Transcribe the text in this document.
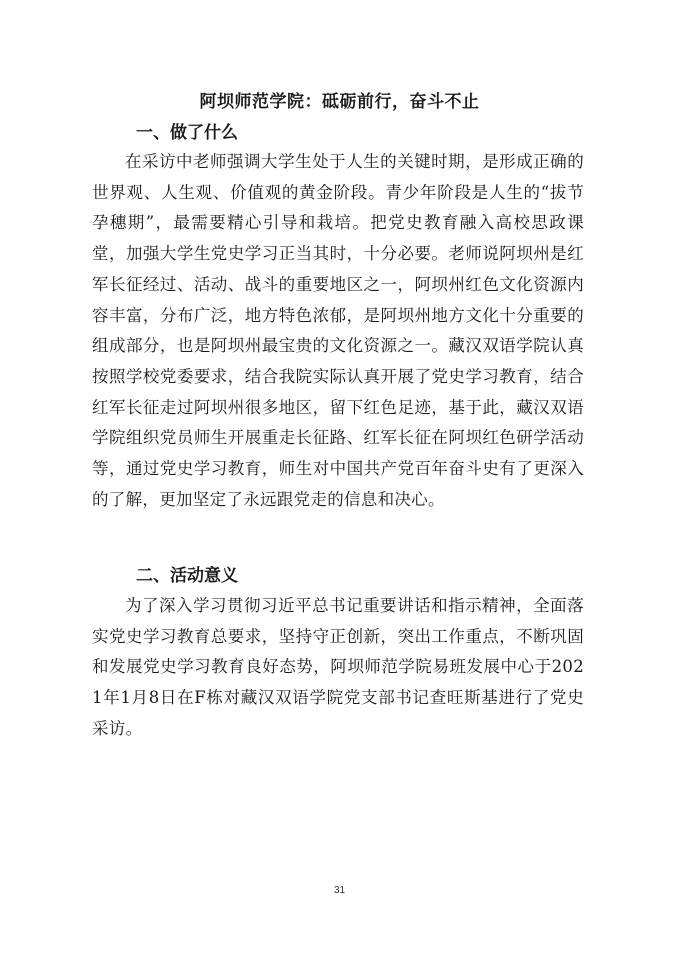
阿坝师范学院：砥砺前行，奋斗不止
一、做了什么

在采访中老师强调大学生处于人生的关键时期，是形成正确的世界观、人生观、价值观的黄金阶段。青少年阶段是人生的“拔节孕穗期”，最需要精心引导和栽培。把党史教育融入高校思政课堂，加强大学生党史学习正当其时，十分必要。老师说阿坝州是红军长征经过、活动、战斗的重要地区之一，阿坝州红色文化资源内容丰富，分布广泛，地方特色浓郁，是阿坝州地方文化十分重要的组成部分，也是阿坝州最宝贵的文化资源之一。藏汉双语学院认真按照学校党委要求，结合我院实际认真开展了党史学习教育，结合红军长征走过阿坝州很多地区，留下红色足迹，基于此，藏汉双语学院组织党员师生开展重走长征路、红军长征在阿坝红色研学活动等，通过党史学习教育，师生对中国共产党百年奋斗史有了更深入的了解，更加坚定了永远跟党走的信息和决心。

二、活动意义

为了深入学习贯彻习近平总书记重要讲话和指示精神，全面落实党史学习教育总要求，坚持守正创新，突出工作重点，不断巩固和发展党史学习教育良好态势，阿坝师范学院易班发展中心于2021年1月8日在F栋对藏汉双语学院党支部书记查旺斯基进行了党史采访。

31
